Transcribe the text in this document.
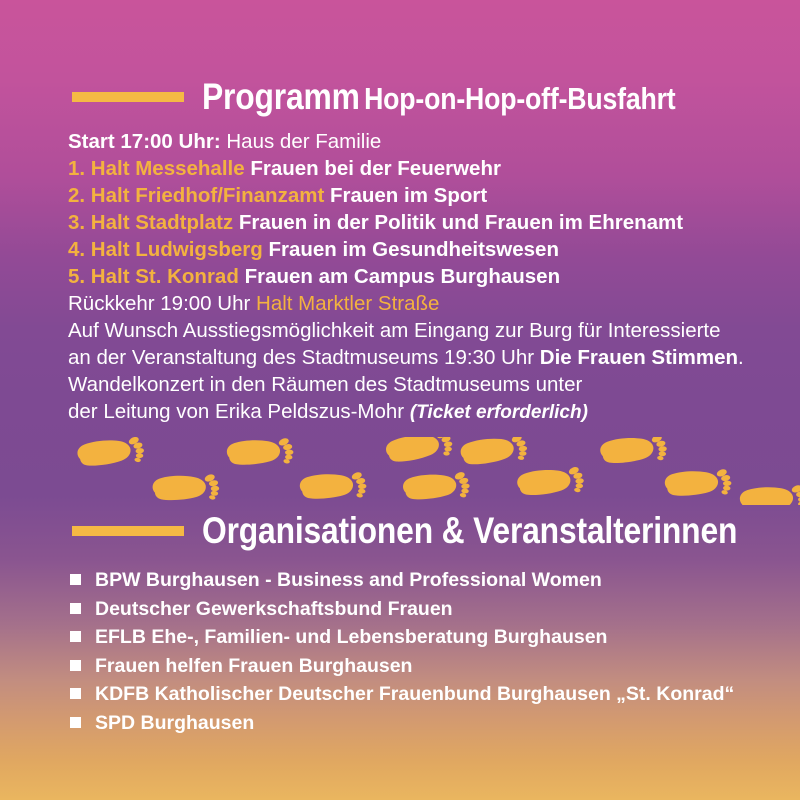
Programm Hop-on-Hop-off-Busfahrt
Start 17:00 Uhr: Haus der Familie
1. Halt Messehalle Frauen bei der Feuerwehr
2. Halt Friedhof/Finanzamt Frauen im Sport
3. Halt Stadtplatz Frauen in der Politik und Frauen im Ehrenamt
4. Halt Ludwigsberg Frauen im Gesundheitswesen
5. Halt St. Konrad Frauen am Campus Burghausen
Rückkehr 19:00 Uhr Halt Marktler Straße
Auf Wunsch Ausstiegsmöglichkeit am Eingang zur Burg für Interessierte
an der Veranstaltung des Stadtmuseums 19:30 Uhr Die Frauen Stimmen.
Wandelkonzert in den Räumen des Stadtmuseums unter
der Leitung von Erika Peldszus-Mohr (Ticket erforderlich)
Organisationen & Veranstalterinnen
BPW Burghausen - Business and Professional Women
Deutscher Gewerkschaftsbund Frauen
EFLB Ehe-, Familien- und Lebensberatung Burghausen
Frauen helfen Frauen Burghausen
KDFB Katholischer Deutscher Frauenbund Burghausen „St. Konrad“
SPD Burghausen
